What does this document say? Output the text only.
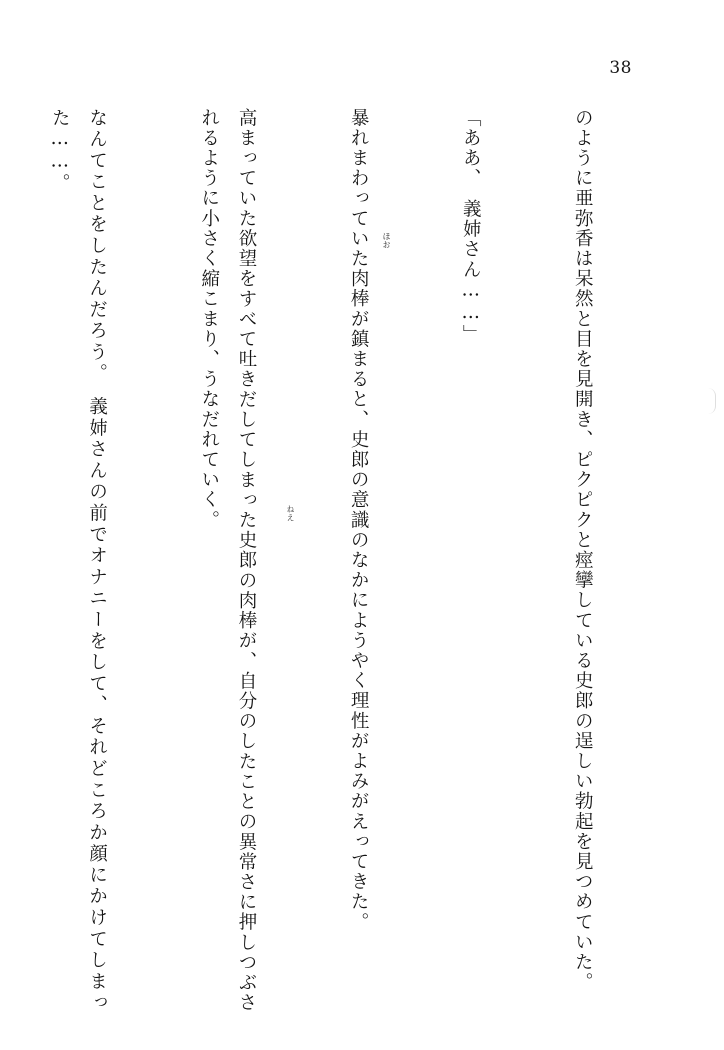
38

のように亜弥香は呆然と目を見開き、ピクピクと痙攣している史郎の逞しい勃起を見つめていた。

「ああ、　義姉さん……」

暴れまわっていた肉棒が鎮まると、史郎の意識のなかにようやく理性がよみがえってきた。

高まっていた欲望をすべて吐きだしてしまった史郎の肉棒が、自分のしたことの異常さに押しつぶされるように小さく縮こまり、うなだれていく。

なんてことをしたんだろう。　義姉さんの前でオナニーをして、それどころか顔にかけてしまった……。

ほお
ねえ
